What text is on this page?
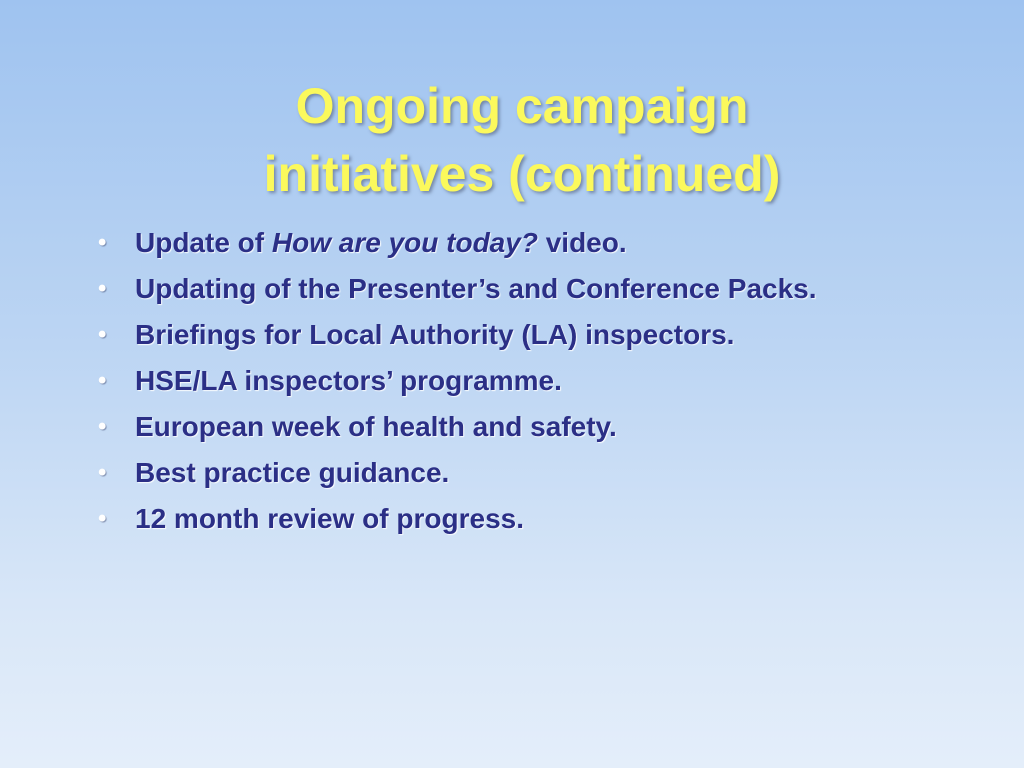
Ongoing campaign
initiatives (continued)
•	Update of How are you today? video.
•	Updating of the Presenter’s and Conference Packs.
•	Briefings for Local Authority (LA) inspectors.
•	HSE/LA inspectors’ programme.
•	European week of health and safety.
•	Best practice guidance.
•	12 month review of progress.
